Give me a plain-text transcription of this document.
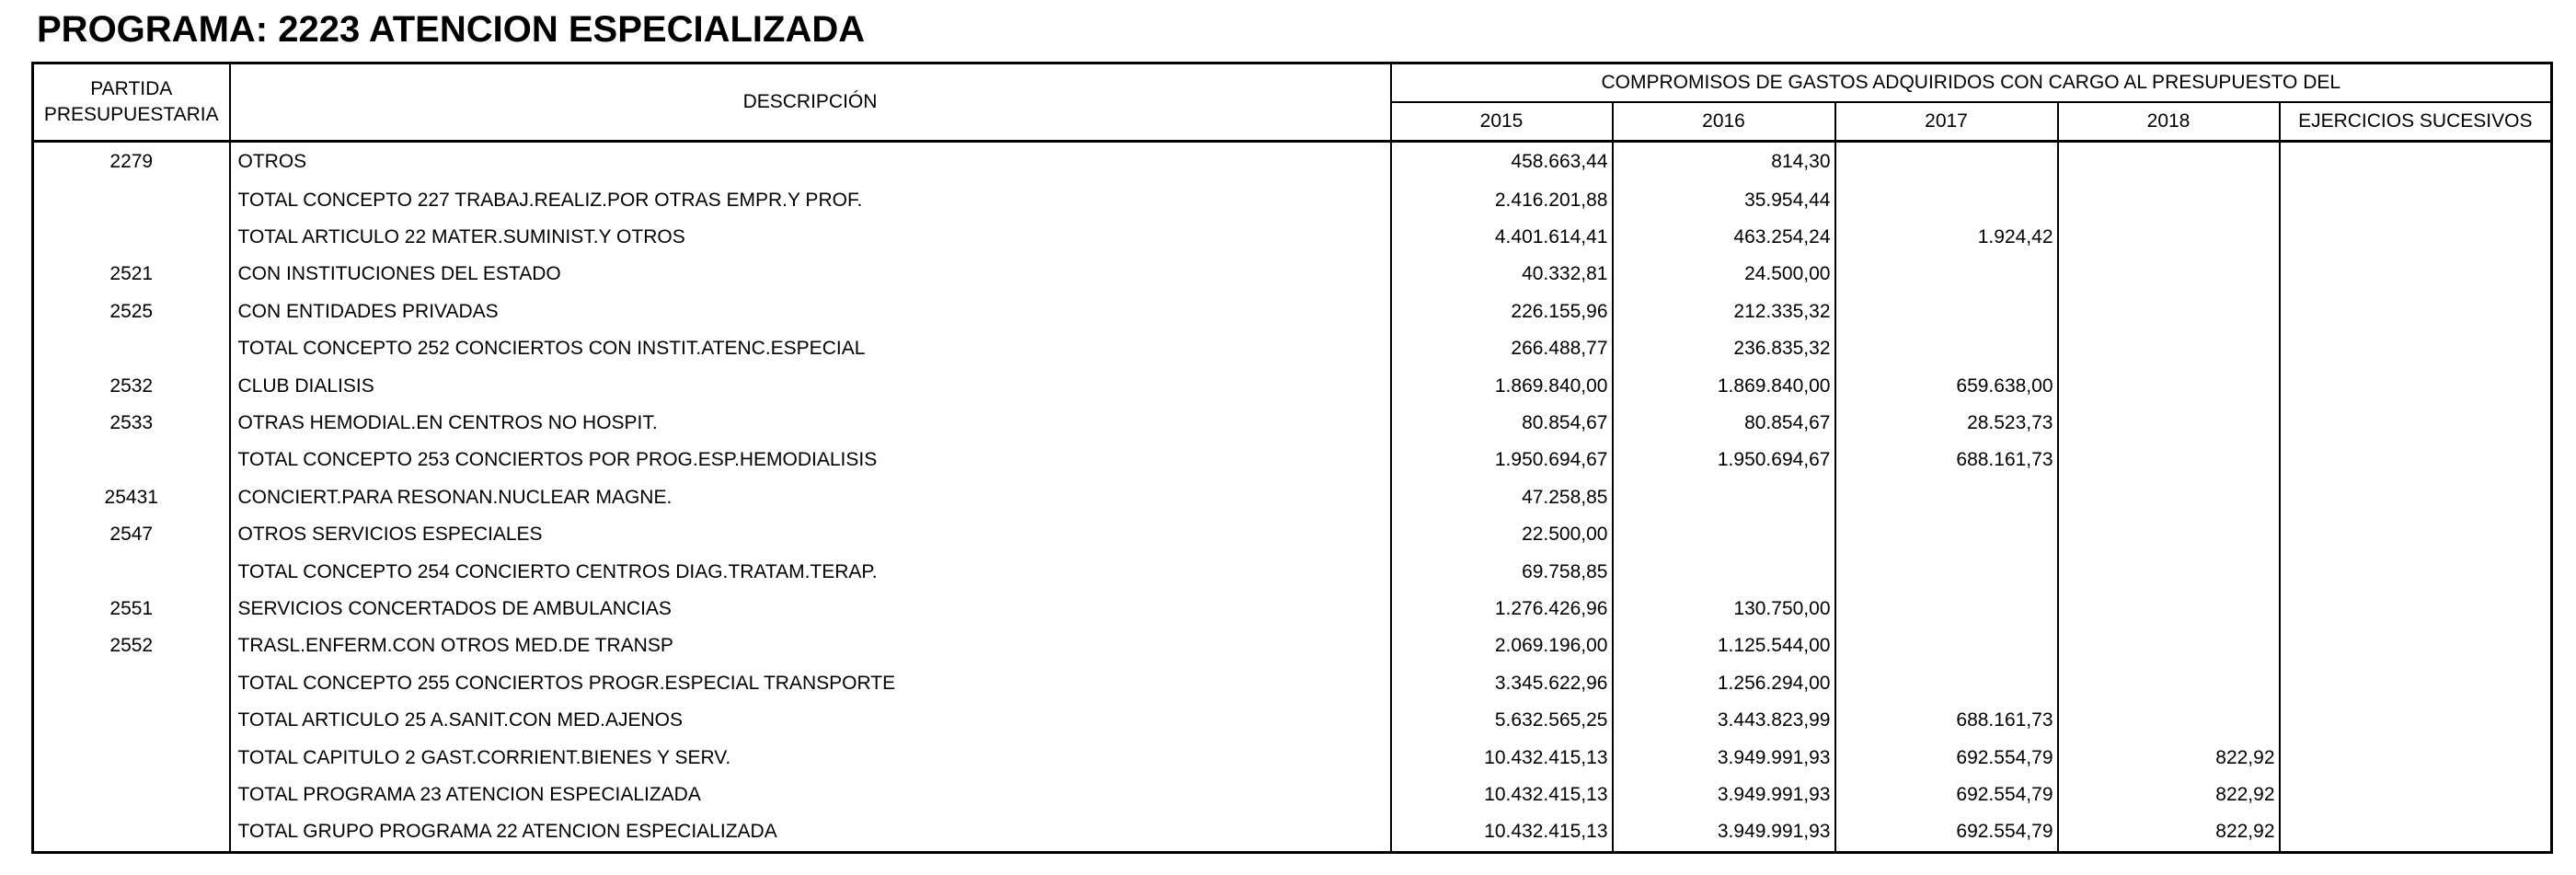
PROGRAMA: 2223 ATENCION ESPECIALIZADA
PARTIDA
PRESUPUESTARIA	DESCRIPCIÓN	COMPROMISOS DE GASTOS ADQUIRIDOS CON CARGO AL PRESUPUESTO DEL				
		2015	2016	2017	2018	EJERCICIOS SUCESIVOS
2279	OTROS	458.663,44	814,30			
	TOTAL CONCEPTO 227 TRABAJ.REALIZ.POR OTRAS EMPR.Y PROF.	2.416.201,88	35.954,44			
	TOTAL ARTICULO 22 MATER.SUMINIST.Y OTROS	4.401.614,41	463.254,24	1.924,42		
2521	CON INSTITUCIONES DEL ESTADO	40.332,81	24.500,00			
2525	CON ENTIDADES PRIVADAS	226.155,96	212.335,32			
	TOTAL CONCEPTO 252 CONCIERTOS CON INSTIT.ATENC.ESPECIAL	266.488,77	236.835,32			
2532	CLUB DIALISIS	1.869.840,00	1.869.840,00	659.638,00		
2533	OTRAS HEMODIAL.EN CENTROS NO HOSPIT.	80.854,67	80.854,67	28.523,73		
	TOTAL CONCEPTO 253 CONCIERTOS POR PROG.ESP.HEMODIALISIS	1.950.694,67	1.950.694,67	688.161,73		
25431	CONCIERT.PARA RESONAN.NUCLEAR MAGNE.	47.258,85				
2547	OTROS SERVICIOS ESPECIALES	22.500,00				
	TOTAL CONCEPTO 254 CONCIERTO CENTROS DIAG.TRATAM.TERAP.	69.758,85				
2551	SERVICIOS CONCERTADOS DE AMBULANCIAS	1.276.426,96	130.750,00			
2552	TRASL.ENFERM.CON OTROS MED.DE TRANSP	2.069.196,00	1.125.544,00			
	TOTAL CONCEPTO 255 CONCIERTOS PROGR.ESPECIAL TRANSPORTE	3.345.622,96	1.256.294,00			
	TOTAL ARTICULO 25 A.SANIT.CON MED.AJENOS	5.632.565,25	3.443.823,99	688.161,73		
	TOTAL CAPITULO 2 GAST.CORRIENT.BIENES Y SERV.	10.432.415,13	3.949.991,93	692.554,79	822,92	
	TOTAL PROGRAMA 23 ATENCION ESPECIALIZADA	10.432.415,13	3.949.991,93	692.554,79	822,92	
	TOTAL GRUPO PROGRAMA 22 ATENCION ESPECIALIZADA	10.432.415,13	3.949.991,93	692.554,79	822,92	
